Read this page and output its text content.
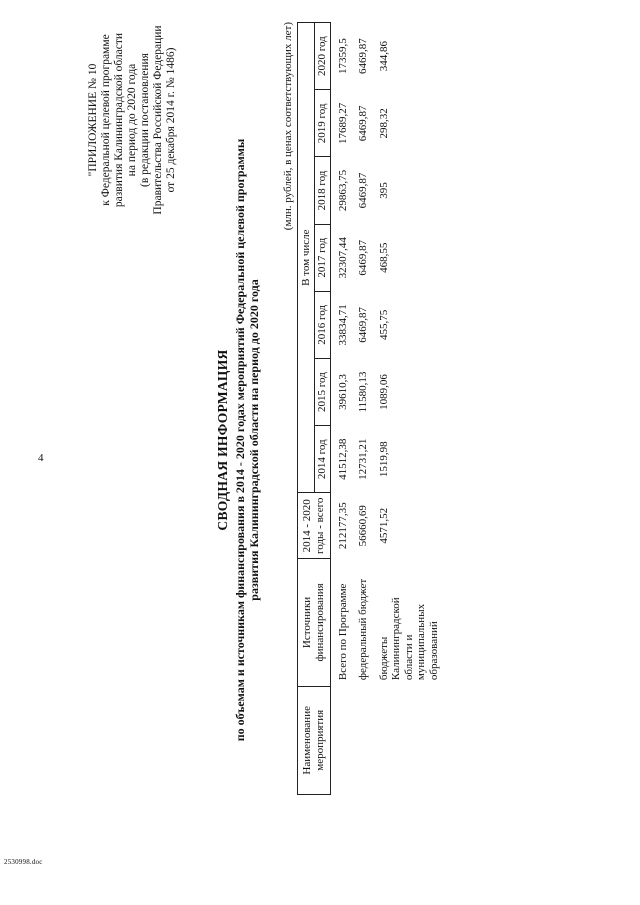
4
2530998.doc
"ПРИЛОЖЕНИЕ № 10 к Федеральной целевой программе развития Калининградской области на период до 2020 года (в редакции постановления Правительства Российской Федерации от 25 декабря 2014 г. № 1486)
СВОДНАЯ ИНФОРМАЦИЯ по объемам и источникам финансирования в 2014 - 2020 годах мероприятий Федеральной целевой программы развития Калининградской области на период до 2020 года
(млн. рублей, в ценах соответствующих лет)
Наименование мероприятия	Источники финансирования	2014 - 2020 годы - всего	В том числе						
			2014 год	2015 год	2016 год	2017 год	2018 год	2019 год	2020 год
	Всего по Программе	212177,35	41512,38	39610,3	33834,71	32307,44	29863,75	17689,27	17359,5
	федеральный бюджет	56660,69	12731,21	11580,13	6469,87	6469,87	6469,87	6469,87	6469,87
	бюджеты Калининградской области и муниципальных образований	4571,52	1519,98	1089,06	455,75	468,55	395	298,32	344,86
